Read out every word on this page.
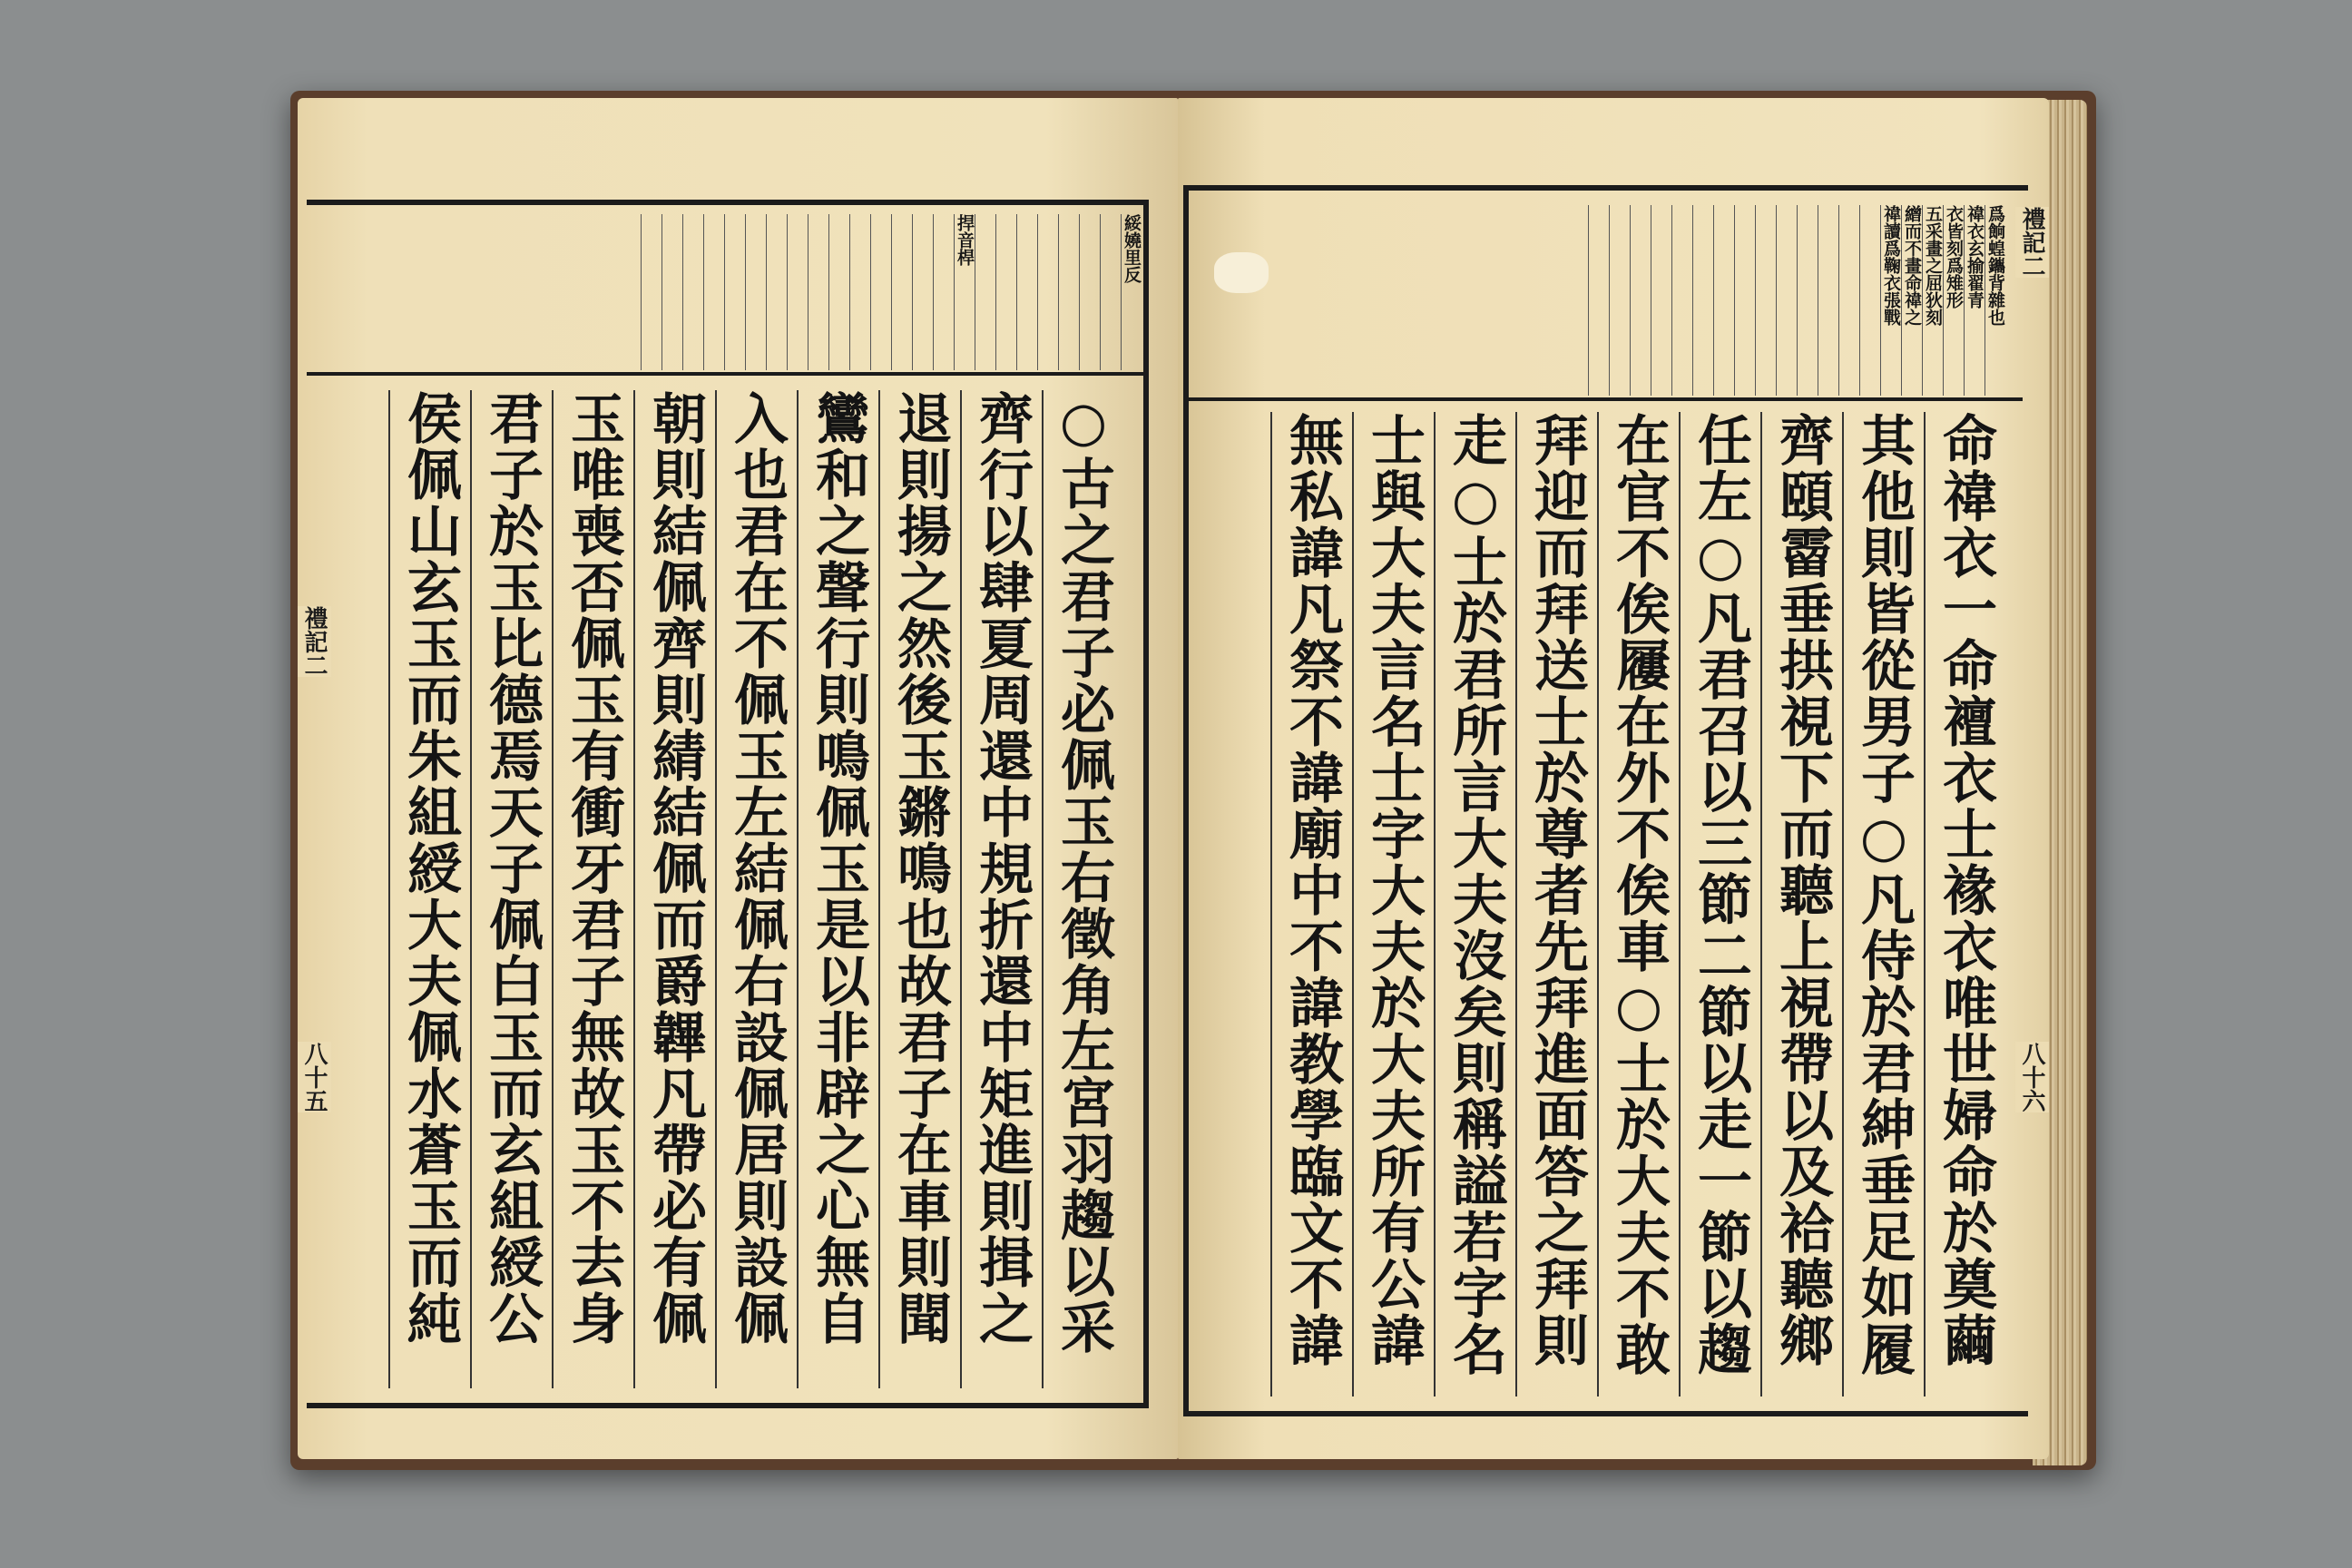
綏嬈里反
捍音桿
○古之君子必佩玉右徵角左宮羽趨以采
齊行以肆夏周還中規折還中矩進則揖之
退則揚之然後玉鏘鳴也故君子在車則聞
鸞和之聲行則鳴佩玉是以非辟之心無自
入也君在不佩玉左結佩右設佩居則設佩
朝則結佩齊則綪結佩而爵韠凡帶必有佩
玉唯喪否佩玉有衝牙君子無故玉不去身
君子於玉比德焉天子佩白玉而玄組綬公
侯佩山玄玉而朱組綬大夫佩水蒼玉而純
禮記二
八十五
爲餉蝗鑴背雜也
禕衣玄揄翟青
衣皆刻爲雉形
五采畫之屈狄刻
繒而不畫命禕之
禕讀爲鞠衣張戰
命禕衣一命襢衣士褖衣唯世婦命於奠繭
其他則皆從男子○凡侍於君紳垂足如履
齊頤霤垂拱視下而聽上視帶以及袷聽鄉
任左○凡君召以三節二節以走一節以趨
在官不俟屨在外不俟車○士於大夫不敢
拜迎而拜送士於尊者先拜進面答之拜則
走○士於君所言大夫沒矣則稱謚若字名
士與大夫言名士字大夫於大夫所有公諱
無私諱凡祭不諱廟中不諱教學臨文不諱
禮記二
八十六
